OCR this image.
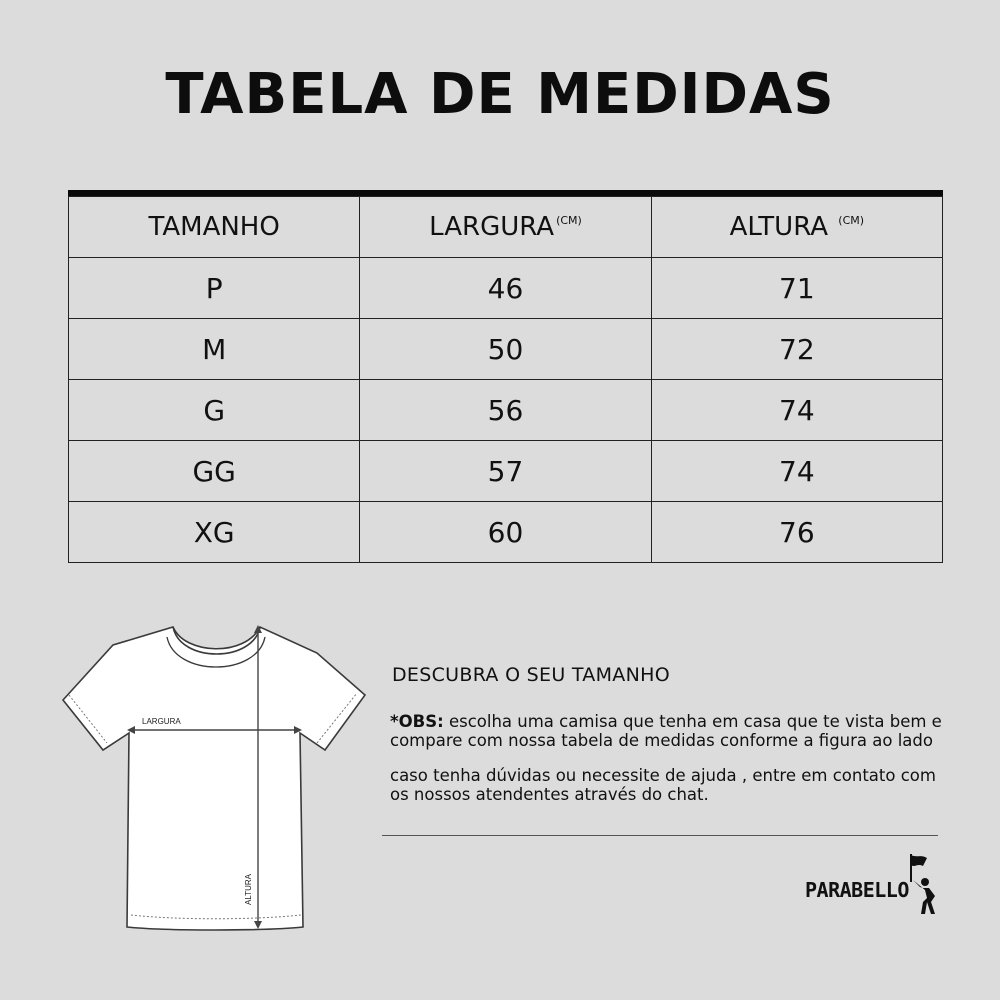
TABELA DE MEDIDAS
TAMANHO	LARGURA $^{(CM)}$	ALTURA $^{(CM)}$
P	46	71
M	50	72
G	56	74
GG	57	74
XG	60	76
LARGURA
ALTURA
DESCUBRA O SEU TAMANHO
*OBS: escolha uma camisa que tenha em casa que te vista bem e compare com nossa tabela de medidas conforme a figura ao lado
caso tenha dúvidas ou necessite de ajuda , entre em contato com os nossos atendentes através do chat.
PARABELLO
